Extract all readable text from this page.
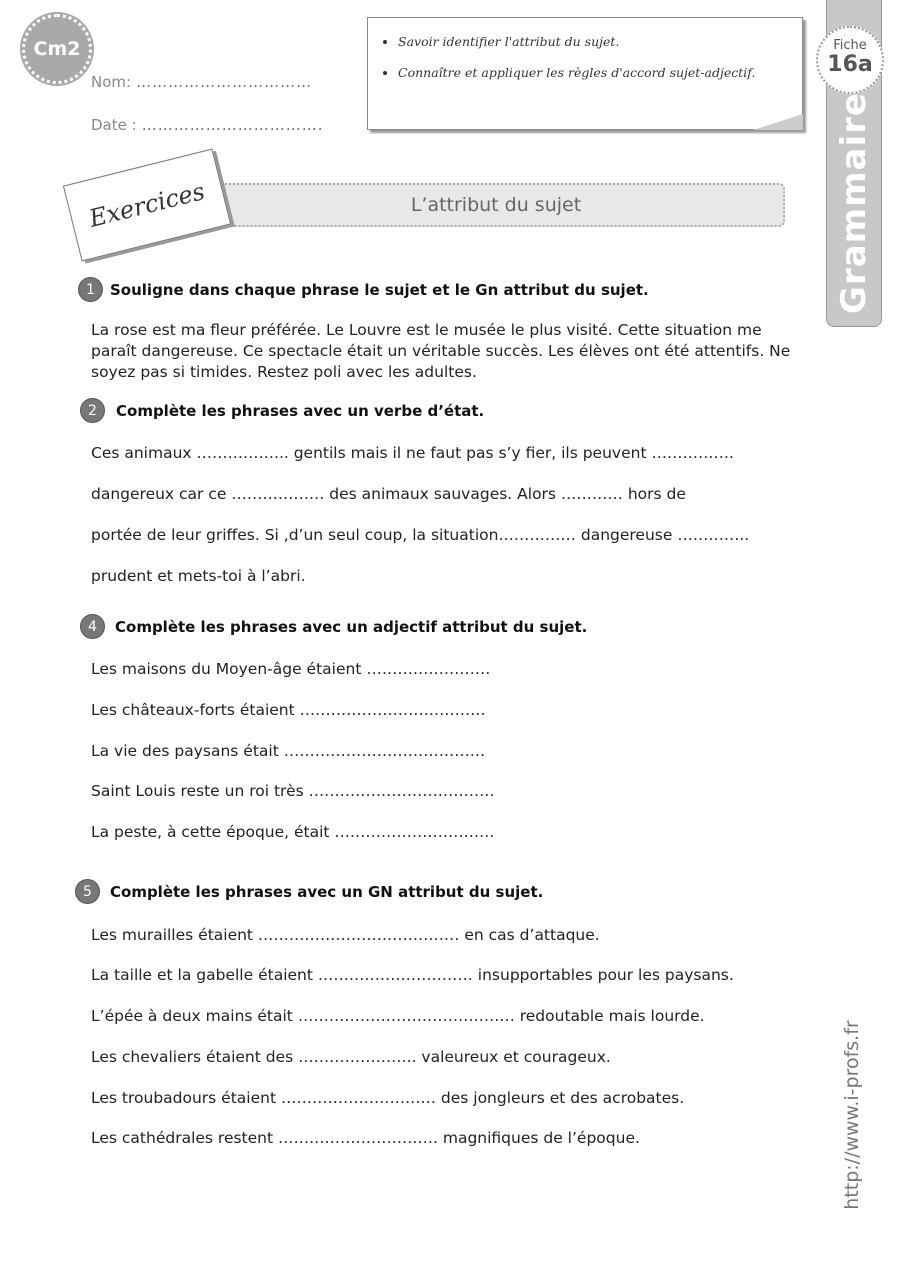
Cm2
Nom: ……………………………
Date : …………………………….
• Savoir identifier l'attribut du sujet.
• Connaître et appliquer les règles d'accord sujet-adjectif.
Fiche
16a
Grammaire
L’attribut du sujet
Exercices
1	Souligne dans chaque phrase le sujet et le Gn attribut du sujet.
La rose est ma fleur préférée. Le Louvre est le musée le plus visité. Cette situation me paraît dangereuse. Ce spectacle était un véritable succès. Les élèves ont été attentifs. Ne soyez pas si timides. Restez poli avec les adultes.
2	Complète les phrases avec un verbe d’état.
Ces animaux ……………... gentils mais il ne faut pas s’y fier, ils peuvent …………….
dangereux car ce ……………… des animaux sauvages. Alors ………… hors de
portée de leur griffes. Si ,d’un seul coup, la situation…………… dangereuse …………..
prudent et mets-toi à l’abri.
4	Complète les phrases avec un adjectif attribut du sujet.
Les maisons du Moyen-âge étaient ……………………
Les châteaux-forts étaient ………………………………
La vie des paysans était …………………………………
Saint Louis reste un roi très ………………………………
La peste, à cette époque, était ………………………….
5	Complète les phrases avec un GN attribut du sujet.
Les murailles étaient ………………………………… en cas d’attaque.
La taille et la gabelle étaient ………………………… insupportables pour les paysans.
L’épée à deux mains était …………………………………… redoutable mais lourde.
Les chevaliers étaient des ………………….. valeureux et courageux.
Les troubadours étaient ………………………… des jongleurs et des acrobates.
Les cathédrales restent …………………………. magnifiques de l’époque.	http://www.i-profs.fr
